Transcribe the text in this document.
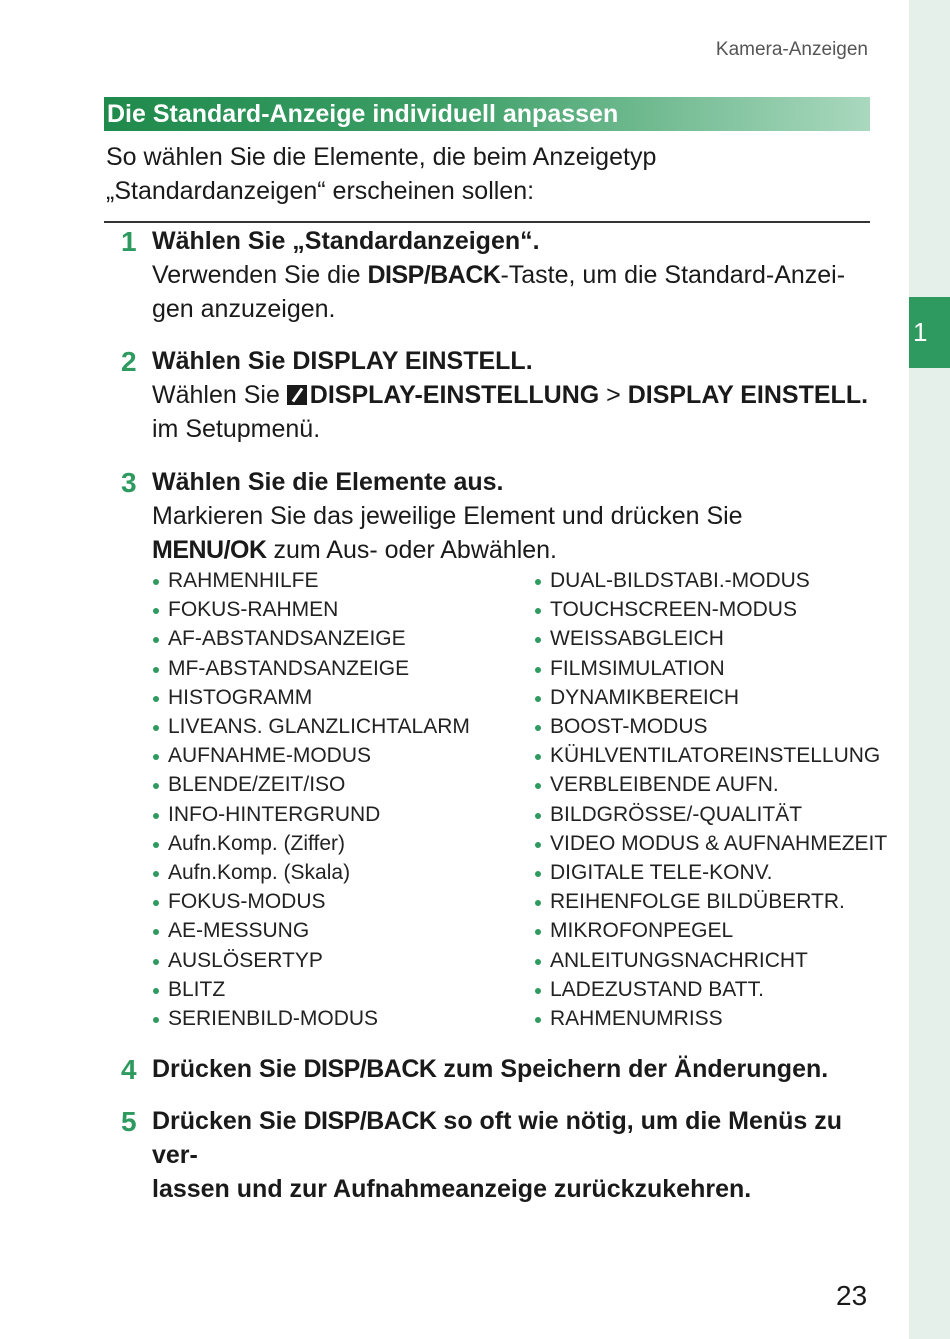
1
Kamera-Anzeigen
Die Standard-Anzeige individuell anpassen
So wählen Sie die Elemente, die beim Anzeigetyp
„Standardanzeigen“ erscheinen sollen:
1 Wählen Sie „Standardanzeigen“.
Verwenden Sie die DISP/BACK-Taste, um die Standard-Anzei-
gen anzuzeigen.
2 Wählen Sie DISPLAY EINSTELL.
Wählen Sie DISPLAY-EINSTELLUNG > DISPLAY EINSTELL.
im Setupmenü.
3 Wählen Sie die Elemente aus.
Markieren Sie das jeweilige Element und drücken Sie
MENU/OK zum Aus- oder Abwählen.
RAHMENHILFE
FOKUS-RAHMEN
AF-ABSTANDSANZEIGE
MF-ABSTANDSANZEIGE
HISTOGRAMM
LIVEANS. GLANZLICHTALARM
AUFNAHME-MODUS
BLENDE/ZEIT/ISO
INFO-HINTERGRUND
Aufn.Komp. (Ziffer)
Aufn.Komp. (Skala)
FOKUS-MODUS
AE-MESSUNG
AUSLÖSERTYP
BLITZ
SERIENBILD-MODUS
DUAL-BILDSTABI.-MODUS
TOUCHSCREEN-MODUS
WEISSABGLEICH
FILMSIMULATION
DYNAMIKBEREICH
BOOST-MODUS
KÜHLVENTILATOREINSTELLUNG
VERBLEIBENDE AUFN.
BILDGRÖSSE/-QUALITÄT
VIDEO MODUS & AUFNAHMEZEIT
DIGITALE TELE-KONV.
REIHENFOLGE BILDÜBERTR.
MIKROFONPEGEL
ANLEITUNGSNACHRICHT
LADEZUSTAND BATT.
RAHMENUMRISS
4 Drücken Sie DISP/BACK zum Speichern der Änderungen.
5 Drücken Sie DISP/BACK so oft wie nötig, um die Menüs zu ver-
lassen und zur Aufnahmeanzeige zurückzukehren.
23
